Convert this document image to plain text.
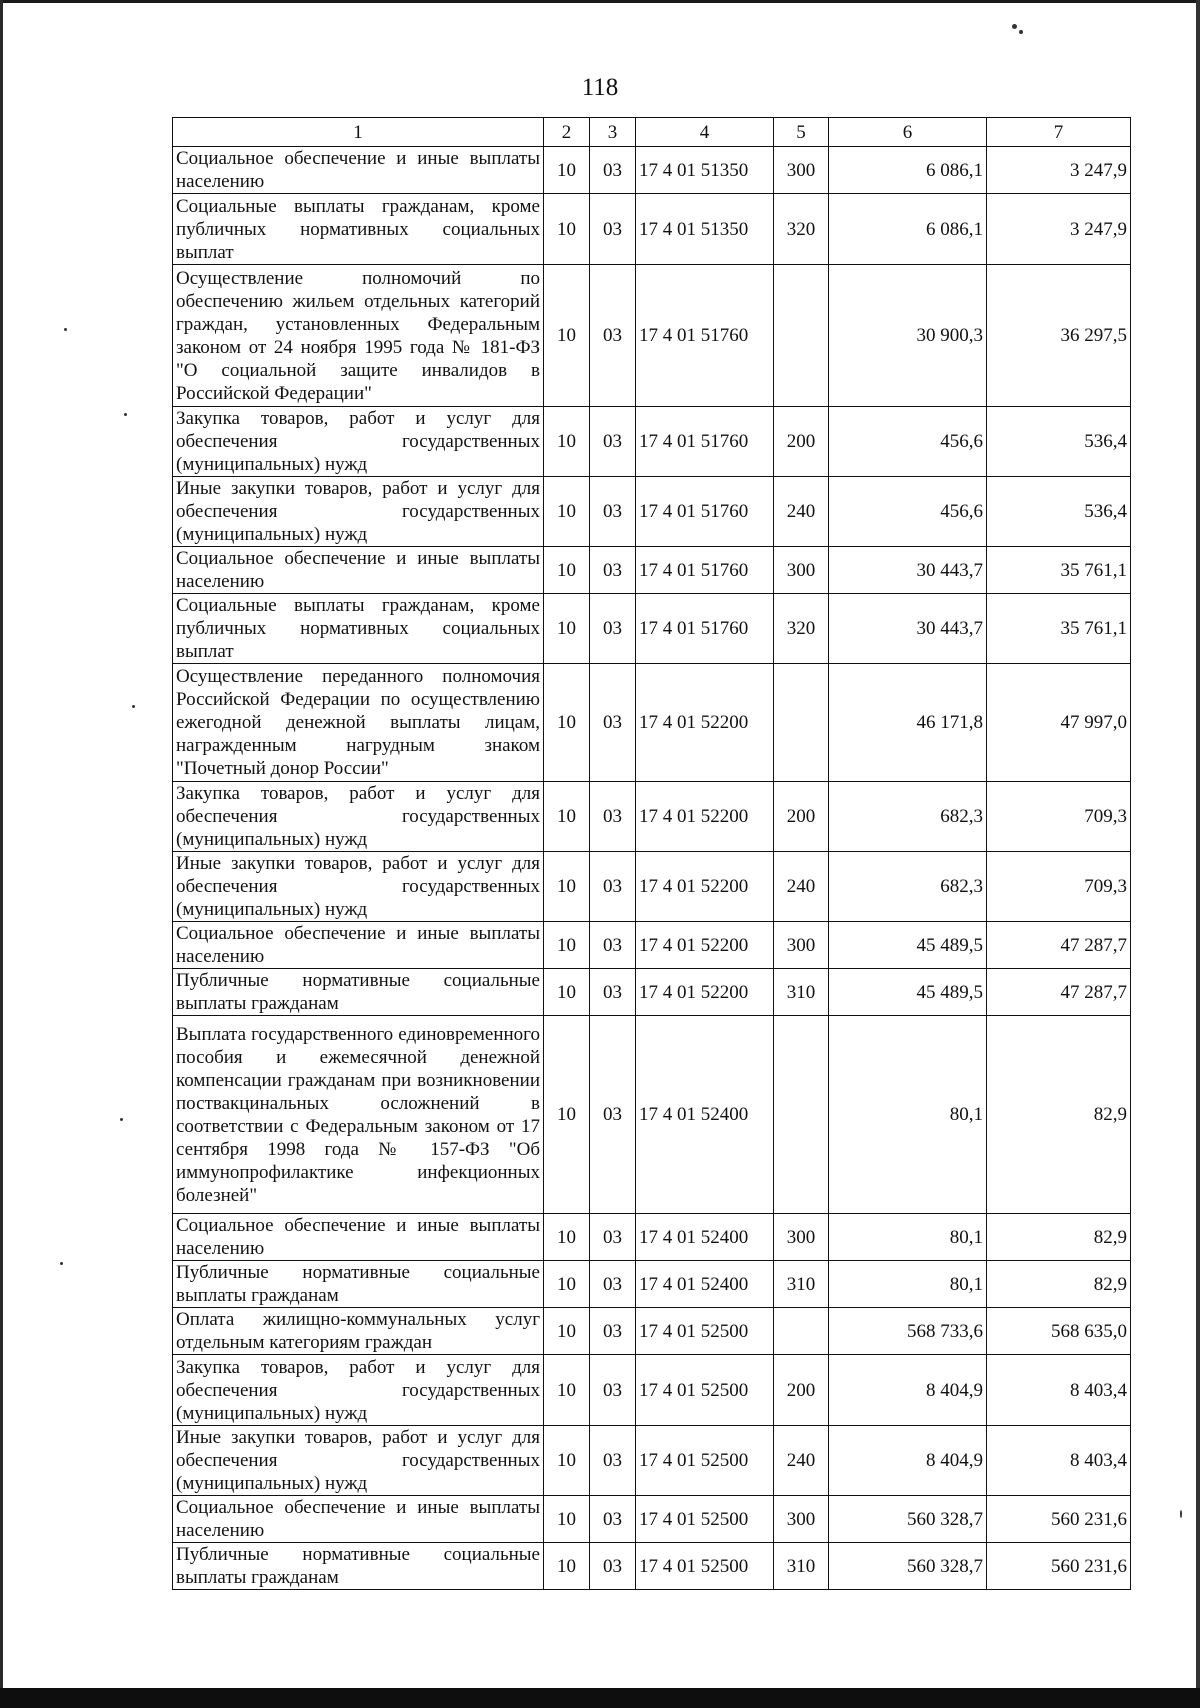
118
1	2	3	4	5	6	7
Социальное обеспечение и иные выплаты населению	10	03	17 4 01 51350	300	6 086,1	3 247,9
Социальные выплаты гражданам, кроме публичных нормативных социальных выплат	10	03	17 4 01 51350	320	6 086,1	3 247,9
Осуществление полномочий по обеспечению жильем отдельных категорий граждан, установленных Федеральным законом от 24 ноября 1995 года № 181-ФЗ "О социальной защите инвалидов в Российской Федерации"	10	03	17 4 01 51760		30 900,3	36 297,5
Закупка товаров, работ и услуг для обеспечения государственных (муниципальных) нужд	10	03	17 4 01 51760	200	456,6	536,4
Иные закупки товаров, работ и услуг для обеспечения государственных (муниципальных) нужд	10	03	17 4 01 51760	240	456,6	536,4
Социальное обеспечение и иные выплаты населению	10	03	17 4 01 51760	300	30 443,7	35 761,1
Социальные выплаты гражданам, кроме публичных нормативных социальных выплат	10	03	17 4 01 51760	320	30 443,7	35 761,1
Осуществление переданного полномочия Российской Федерации по осуществлению ежегодной денежной выплаты лицам, награжденным нагрудным знаком "Почетный донор России"	10	03	17 4 01 52200		46 171,8	47 997,0
Закупка товаров, работ и услуг для обеспечения государственных (муниципальных) нужд	10	03	17 4 01 52200	200	682,3	709,3
Иные закупки товаров, работ и услуг для обеспечения государственных (муниципальных) нужд	10	03	17 4 01 52200	240	682,3	709,3
Социальное обеспечение и иные выплаты населению	10	03	17 4 01 52200	300	45 489,5	47 287,7
Публичные нормативные социальные выплаты гражданам	10	03	17 4 01 52200	310	45 489,5	47 287,7
Выплата государственного единовременного пособия и ежемесячной денежной компенсации гражданам при возникновении поствакцинальных осложнений в соответствии с Федеральным законом от 17 сентября 1998 года № 157-ФЗ "Об иммунопрофилактике инфекционных болезней"	10	03	17 4 01 52400		80,1	82,9
Социальное обеспечение и иные выплаты населению	10	03	17 4 01 52400	300	80,1	82,9
Публичные нормативные социальные выплаты гражданам	10	03	17 4 01 52400	310	80,1	82,9
Оплата жилищно-коммунальных услуг отдельным категориям граждан	10	03	17 4 01 52500		568 733,6	568 635,0
Закупка товаров, работ и услуг для обеспечения государственных (муниципальных) нужд	10	03	17 4 01 52500	200	8 404,9	8 403,4
Иные закупки товаров, работ и услуг для обеспечения государственных (муниципальных) нужд	10	03	17 4 01 52500	240	8 404,9	8 403,4
Социальное обеспечение и иные выплаты населению	10	03	17 4 01 52500	300	560 328,7	560 231,6
Публичные нормативные социальные выплаты гражданам	10	03	17 4 01 52500	310	560 328,7	560 231,6
